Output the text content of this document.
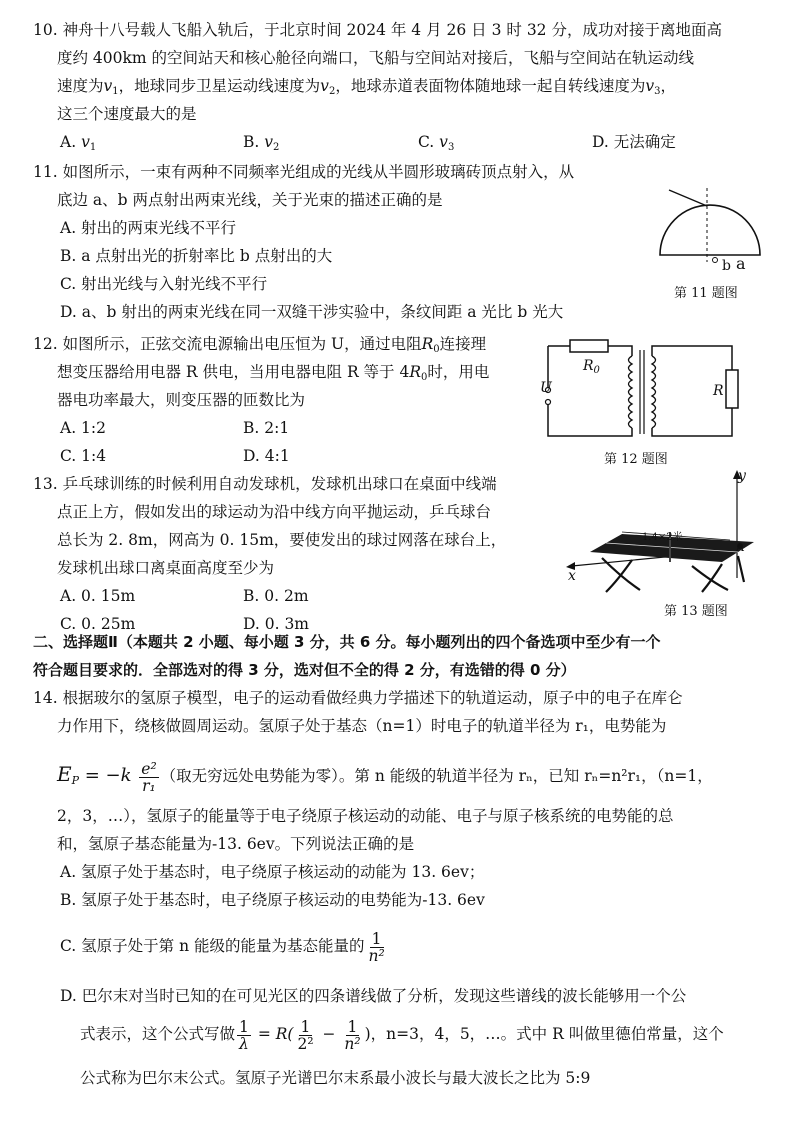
10. 神舟十八号载人飞船入轨后，于北京时间 2024 年 4 月 26 日 3 时 32 分，成功对接于离地面高
度约 400km 的空间站天和核心舱径向端口，飞船与空间站对接后，飞船与空间站在轨运动线
速度为$v_1$，地球同步卫星运动线速度为$v_2$，地球赤道表面物体随地球一起自转线速度为$v_3$，
这三个速度最大的是
A. $v_1$	B. $v_2$	C. $v_3$	D. 无法确定
11. 如图所示，一束有两种不同频率光组成的光线从半圆形玻璃砖顶点射入，从
底边 a、b 两点射出两束光线，关于光束的描述正确的是
A. 射出的两束光线不平行
B. a 点射出光的折射率比 b 点射出的大
C. 射出光线与入射光线不平行
D. a、b 射出的两束光线在同一双缝干涉实验中，条纹间距 a 光比 b 光大
b a
第 11 题图
12. 如图所示，正弦交流电源输出电压恒为 U，通过电阻$R_0$连接理
想变压器给用电器 R 供电，当用电器电阻 R 等于 $4R_0$时，用电
器电功率最大，则变压器的匝数比为
A. 1:2	B. 2:1
C. 1:4	D. 4:1
$R_0$
U	R
第 12 题图
13. 乒乓球训练的时候利用自动发球机，发球机出球口在桌面中线端
点正上方，假如发出的球运动为沿中线方向平抛运动，乒乓球台
总长为 2. 8m，网高为 0. 15m，要使发出的球过网落在球台上，
发球机出球口离桌面高度至少为
A. 0. 15m	B. 0. 2m
C. 0. 25m	D. 0. 3m
y
x
1.4×2米
A
第 13 题图
二、选择题Ⅱ（本题共 2 小题、每小题 3 分，共 6 分。每小题列出的四个备选项中至少有一个
符合题目要求的．全部选对的得 3 分，选对但不全的得 2 分，有选错的得 0 分）
14. 根据玻尔的氢原子模型，电子的运动看做经典力学描述下的轨道运动，原子中的电子在库仑
力作用下，绕核做圆周运动。氢原子处于基态（n=1）时电子的轨道半径为 r₁，电势能为
$E_P = -k \frac{\text{e²}}{\text{r₁}}$ （取无穷远处电势能为零）。第 n 能级的轨道半径为 rₙ，已知 rₙ=n²r₁，（n=1，
2，3，…），氢原子的能量等于电子绕原子核运动的动能、电子与原子核系统的电势能的总
和，氢原子基态能量为-13. 6ev。下列说法正确的是
A. 氢原子处于基态时，电子绕原子核运动的动能为 13. 6ev；
B. 氢原子处于基态时，电子绕原子核运动的电势能为-13. 6ev
C. 氢原子处于第 n 能级的能量为基态能量的 $\frac{1}{\text{n²}}$
D. 巴尔末对当时已知的在可见光区的四条谱线做了分析，发现这些谱线的波长能够用一个公
式表示，这个公式写做 $\frac{1}{\lambda} = R( \frac{1}{\text{2²}} - \frac{1}{\text{n²}}$ )，n=3，4，5，…。式中 R 叫做里德伯常量，这个
公式称为巴尔末公式。氢原子光谱巴尔末系最小波长与最大波长之比为 5:9
